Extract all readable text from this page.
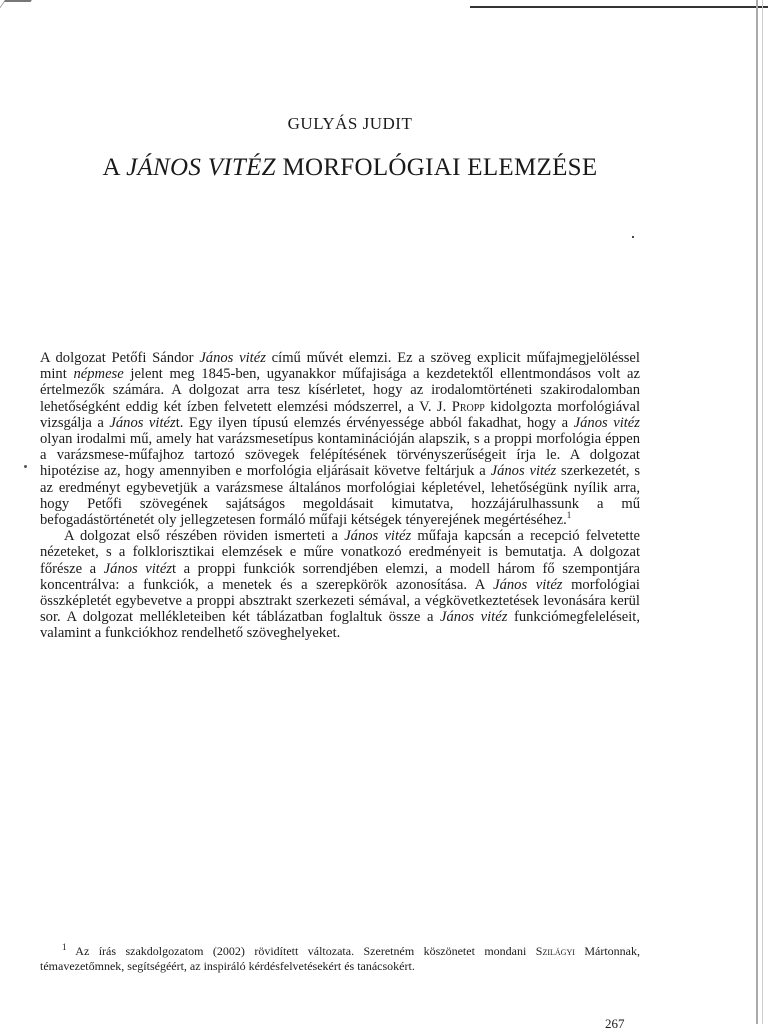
GULYÁS JUDIT
A JÁNOS VITÉZ MORFOLÓGIAI ELEMZÉSE

A dolgozat Petőfi Sándor János vitéz című művét elemzi. Ez a szöveg explicit műfajmegjelöléssel mint népmese jelent meg 1845-ben, ugyanakkor műfajisága a kezdetektől ellentmondásos volt az értelmezők számára. A dolgozat arra tesz kísérletet, hogy az irodalomtörténeti szakirodalomban lehetőségként eddig két ízben felvetett elemzési módszerrel, a V. J. Propp kidolgozta morfológiával vizsgálja a János vitézt. Egy ilyen típusú elemzés érvényessége abból fakadhat, hogy a János vitéz olyan irodalmi mű, amely hat varázsmesetípus kontaminációján alapszik, s a proppi morfológia éppen a varázsmese-műfajhoz tartozó szövegek felépítésének törvényszerűségeit írja le. A dolgozat hipotézise az, hogy amennyiben e morfológia eljárásait követve feltárjuk a János vitéz szerkezetét, s az eredményt egybevetjük a varázsmese általános morfológiai képletével, lehetőségünk nyílik arra, hogy Petőfi szövegének sajátságos megoldásait kimutatva, hozzájárulhassunk a mű befogadástörténetét oly jellegzetesen formáló műfaji kétségek tényerejének megértéséhez.$^1$

A dolgozat első részében röviden ismerteti a János vitéz műfaja kapcsán a recepció felvetette nézeteket, s a folklorisztikai elemzések e műre vonatkozó eredményeit is bemutatja. A dolgozat főrésze a János vitézt a proppi funkciók sorrendjében elemzi, a modell három fő szempontjára koncentrálva: a funkciók, a menetek és a szerepkörök azonosítása. A János vitéz morfológiai összképletét egybevetve a proppi absztrakt szerkezeti sémával, a végkövetkeztetések levonására kerül sor. A dolgozat mellékleteiben két táblázatban foglaltuk össze a János vitéz funkciómegfeleléseit, valamint a funkciókhoz rendelhető szöveghelyeket.

$^1$ Az írás szakdolgozatom (2002) rövidített változata. Szeretném köszönetet mondani Szilágyi Mártonnak, témavezetőmnek, segítségéért, az inspiráló kérdésfelvetésekért és tanácsokért.

267
